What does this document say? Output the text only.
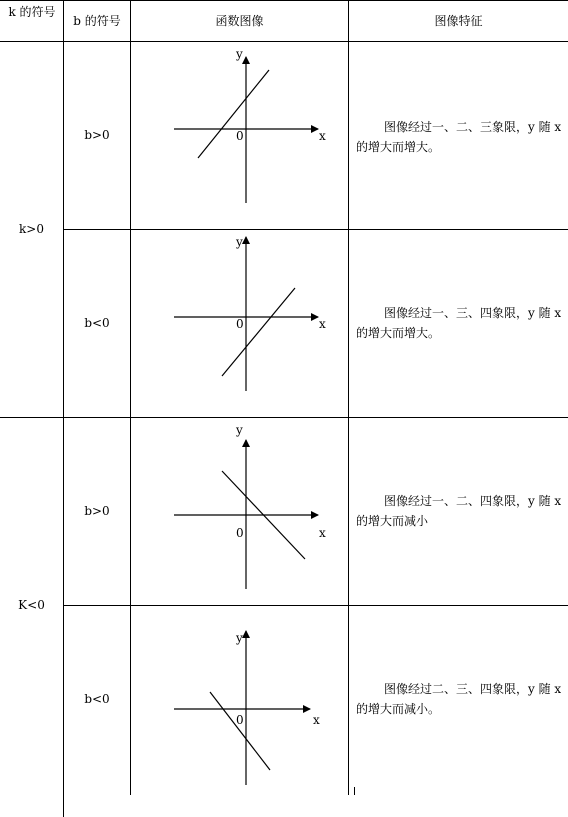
k 的符号
b 的符号	函数图像	图像特征
k>0
K<0
b>0
b<0
b>0
b<0
图像经过一、二、三象限，y 随 x 的增大而增大。
图像经过一、三、四象限，y 随 x 的增大而增大。
图像经过一、二、四象限，y 随 x 的增大而减小
图像经过二、三、四象限，y 随 x 的增大而减小。
y
x
0
y
x
0
y
x
0
y
x
0
